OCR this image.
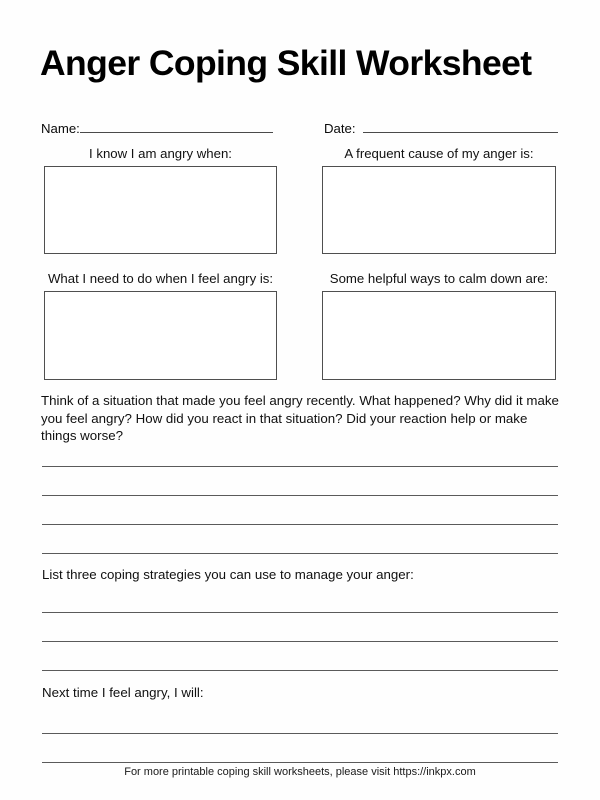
Anger Coping Skill Worksheet
Name:	Date:
I know I am angry when:	A frequent cause of my anger is:
What I need to do when I feel angry is:	Some helpful ways to calm down are:
Think of a situation that made you feel angry recently. What happened? Why did it make you feel angry? How did you react in that situation? Did your reaction help or make things worse?
List three coping strategies you can use to manage your anger:
Next time I feel angry, I will:
For more printable coping skill worksheets, please visit https://inkpx.com
